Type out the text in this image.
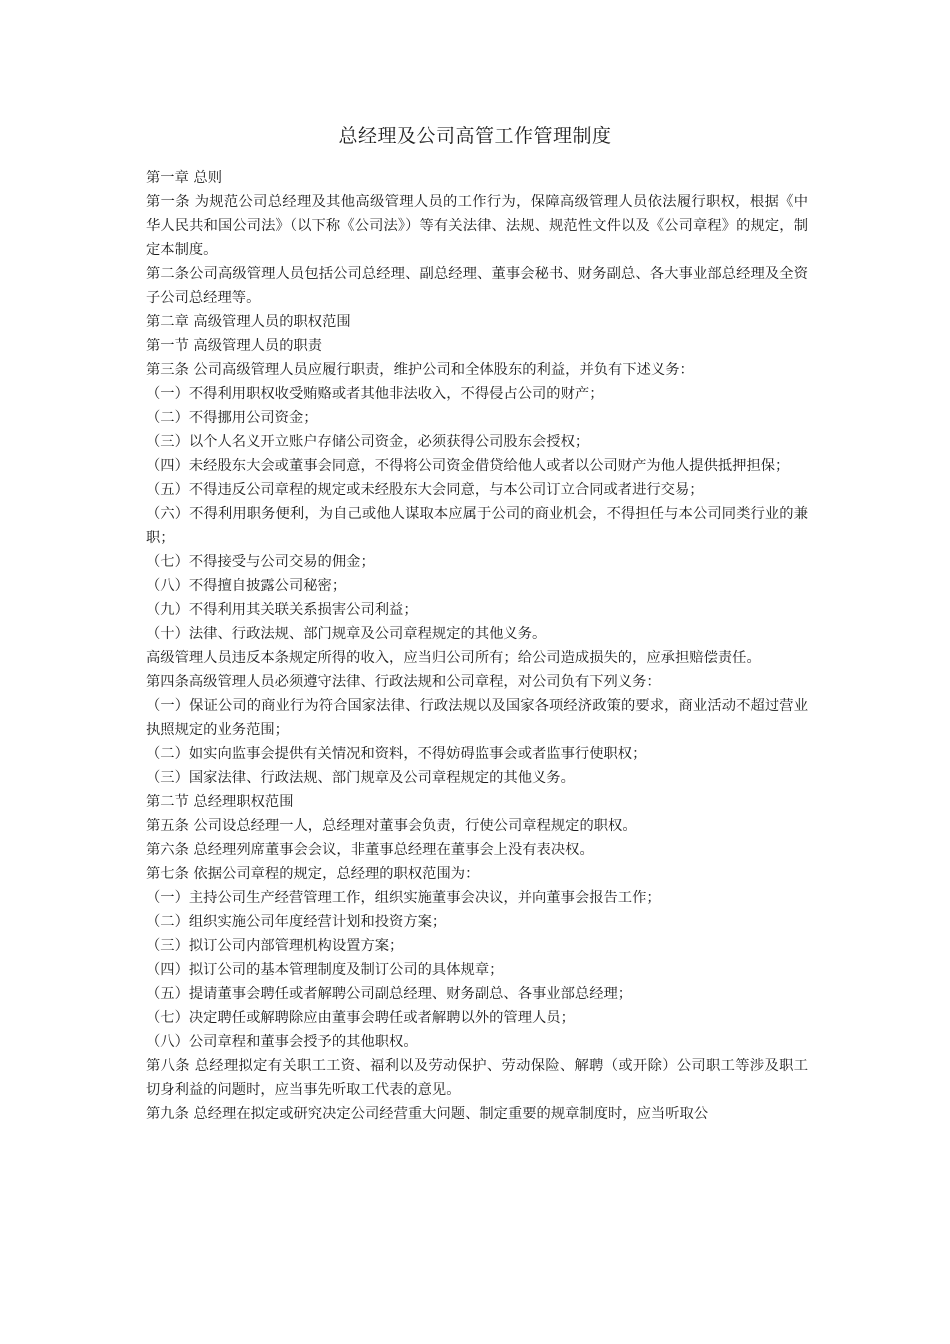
总经理及公司高管工作管理制度

第一章 总则

第一条 为规范公司总经理及其他高级管理人员的工作行为，保障高级管理人员依法履行职权，根据《中华人民共和国公司法》（以下称《公司法》）等有关法律、法规、规范性文件以及《公司章程》的规定，制定本制度。

第二条公司高级管理人员包括公司总经理、副总经理、董事会秘书、财务副总、各大事业部总经理及全资子公司总经理等。

第二章 高级管理人员的职权范围

第一节 高级管理人员的职责

第三条 公司高级管理人员应履行职责，维护公司和全体股东的利益，并负有下述义务：

（一）不得利用职权收受贿赂或者其他非法收入，不得侵占公司的财产；

（二）不得挪用公司资金；

（三）以个人名义开立账户存储公司资金，必须获得公司股东会授权；

（四）未经股东大会或董事会同意，不得将公司资金借贷给他人或者以公司财产为他人提供抵押担保；

（五）不得违反公司章程的规定或未经股东大会同意，与本公司订立合同或者进行交易；

（六）不得利用职务便利，为自己或他人谋取本应属于公司的商业机会，不得担任与本公司同类行业的兼职；

（七）不得接受与公司交易的佣金；

（八）不得擅自披露公司秘密；

（九）不得利用其关联关系损害公司利益；

（十）法律、行政法规、部门规章及公司章程规定的其他义务。

高级管理人员违反本条规定所得的收入，应当归公司所有；给公司造成损失的，应承担赔偿责任。

第四条高级管理人员必须遵守法律、行政法规和公司章程，对公司负有下列义务：

（一）保证公司的商业行为符合国家法律、行政法规以及国家各项经济政策的要求，商业活动不超过营业执照规定的业务范围；

（二）如实向监事会提供有关情况和资料，不得妨碍监事会或者监事行使职权；

（三）国家法律、行政法规、部门规章及公司章程规定的其他义务。

第二节 总经理职权范围

第五条 公司设总经理一人，总经理对董事会负责，行使公司章程规定的职权。

第六条 总经理列席董事会会议，非董事总经理在董事会上没有表决权。

第七条 依据公司章程的规定，总经理的职权范围为：

（一）主持公司生产经营管理工作，组织实施董事会决议，并向董事会报告工作；

（二）组织实施公司年度经营计划和投资方案；

（三）拟订公司内部管理机构设置方案；

（四）拟订公司的基本管理制度及制订公司的具体规章；

（五）提请董事会聘任或者解聘公司副总经理、财务副总、各事业部总经理；

（七）决定聘任或解聘除应由董事会聘任或者解聘以外的管理人员；

（八）公司章程和董事会授予的其他职权。

第八条 总经理拟定有关职工工资、福利以及劳动保护、劳动保险、解聘（或开除）公司职工等涉及职工切身利益的问题时，应当事先听取工代表的意见。

第九条 总经理在拟定或研究决定公司经营重大问题、制定重要的规章制度时，应当听取公
